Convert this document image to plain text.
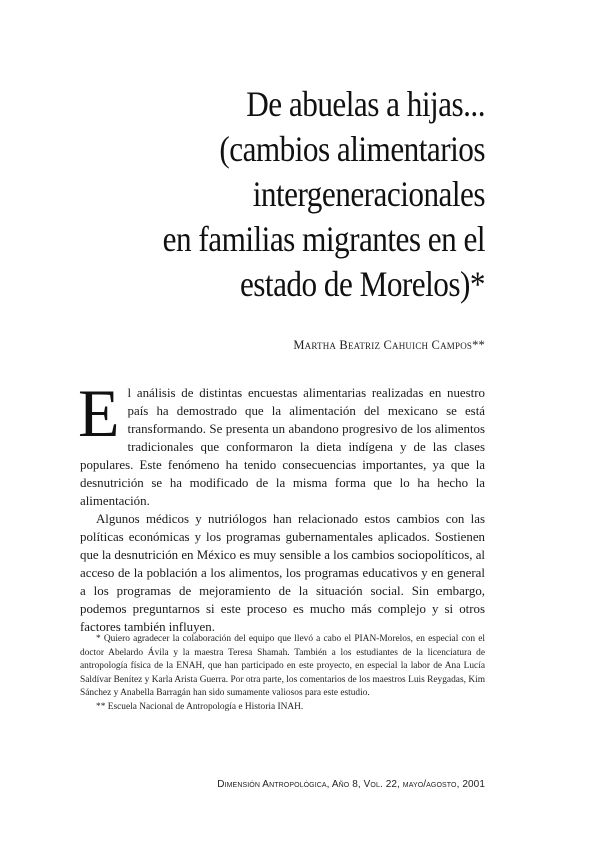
De abuelas a hijas...
(cambios alimentarios
intergeneracionales
en familias migrantes en el
estado de Morelos)*
Martha Beatriz Cahuich Campos**

El análisis de distintas encuestas alimentarias realizadas en nuestro país ha demostrado que la alimentación del mexicano se está transformando. Se presenta un abandono progresivo de los alimentos tradicionales que conformaron la dieta indígena y de las clases populares. Este fenómeno ha tenido consecuencias importantes, ya que la desnutrición se ha modificado de la misma forma que lo ha hecho la alimentación.

Algunos médicos y nutriólogos han relacionado estos cambios con las políticas económicas y los programas gubernamentales aplicados. Sostienen que la desnutrición en México es muy sensible a los cambios sociopolíticos, al acceso de la población a los alimentos, los programas educativos y en general a los programas de mejoramiento de la situación social. Sin embargo, podemos preguntarnos si este proceso es mucho más complejo y si otros factores también influyen.

* Quiero agradecer la colaboración del equipo que llevó a cabo el PIAN-Morelos, en especial con el doctor Abelardo Ávila y la maestra Teresa Shamah. También a los estudiantes de la licenciatura de antropología física de la ENAH, que han participado en este proyecto, en especial la labor de Ana Lucía Saldívar Benítez y Karla Arista Guerra. Por otra parte, los comentarios de los maestros Luis Reygadas, Kim Sánchez y Anabella Barragán han sido sumamente valiosos para este estudio.

** Escuela Nacional de Antropología e Historia INAH.

Dimensión Antropológica, Año 8, Vol. 22, mayo/agosto, 2001
